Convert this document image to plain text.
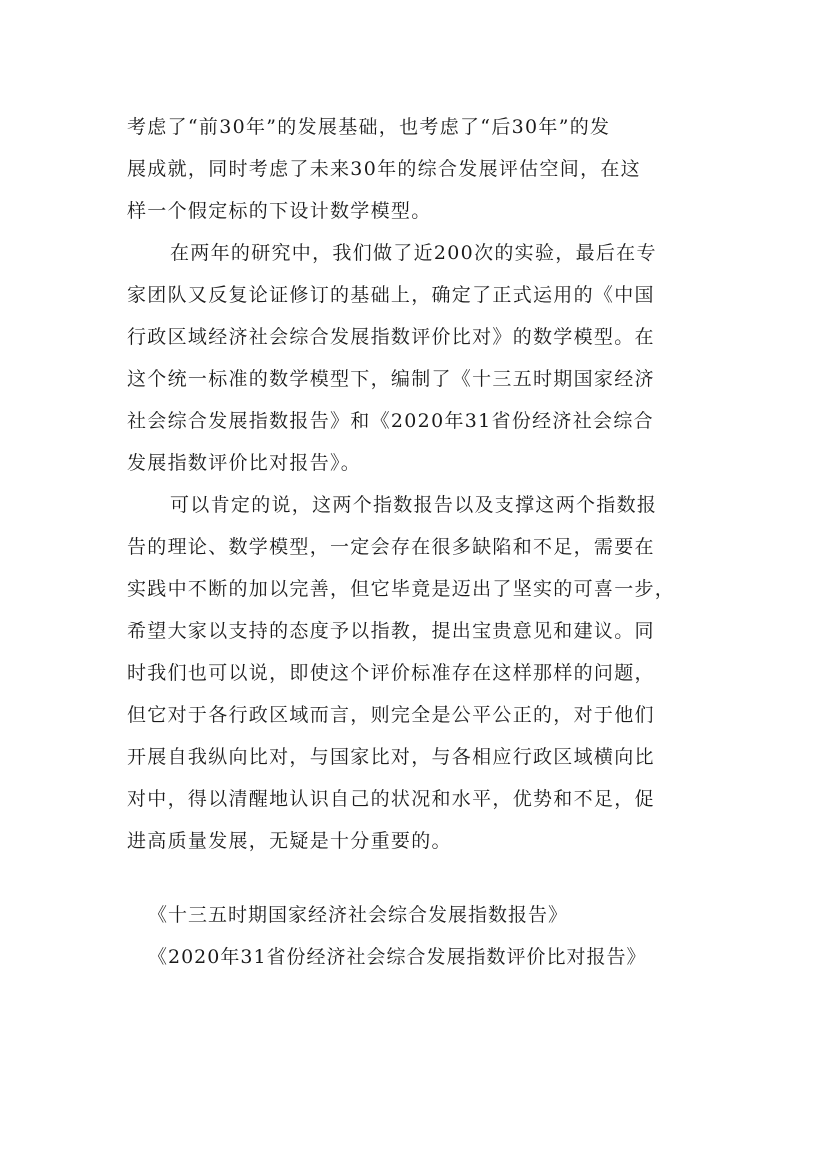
考虑了“前30年”的发展基础，也考虑了“后30年”的发
展成就，同时考虑了未来30年的综合发展评估空间，在这
样一个假定标的下设计数学模型。
在两年的研究中，我们做了近200次的实验，最后在专
家团队又反复论证修订的基础上，确定了正式运用的《中国
行政区域经济社会综合发展指数评价比对》的数学模型。在
这个统一标准的数学模型下，编制了《十三五时期国家经济
社会综合发展指数报告》和《2020年31省份经济社会综合
发展指数评价比对报告》。
可以肯定的说，这两个指数报告以及支撑这两个指数报
告的理论、数学模型，一定会存在很多缺陷和不足，需要在
实践中不断的加以完善，但它毕竟是迈出了坚实的可喜一步，
希望大家以支持的态度予以指教，提出宝贵意见和建议。同
时我们也可以说，即使这个评价标准存在这样那样的问题，
但它对于各行政区域而言，则完全是公平公正的，对于他们
开展自我纵向比对，与国家比对，与各相应行政区域横向比
对中，得以清醒地认识自己的状况和水平，优势和不足，促
进高质量发展，无疑是十分重要的。
《十三五时期国家经济社会综合发展指数报告》
《2020年31省份经济社会综合发展指数评价比对报告》
